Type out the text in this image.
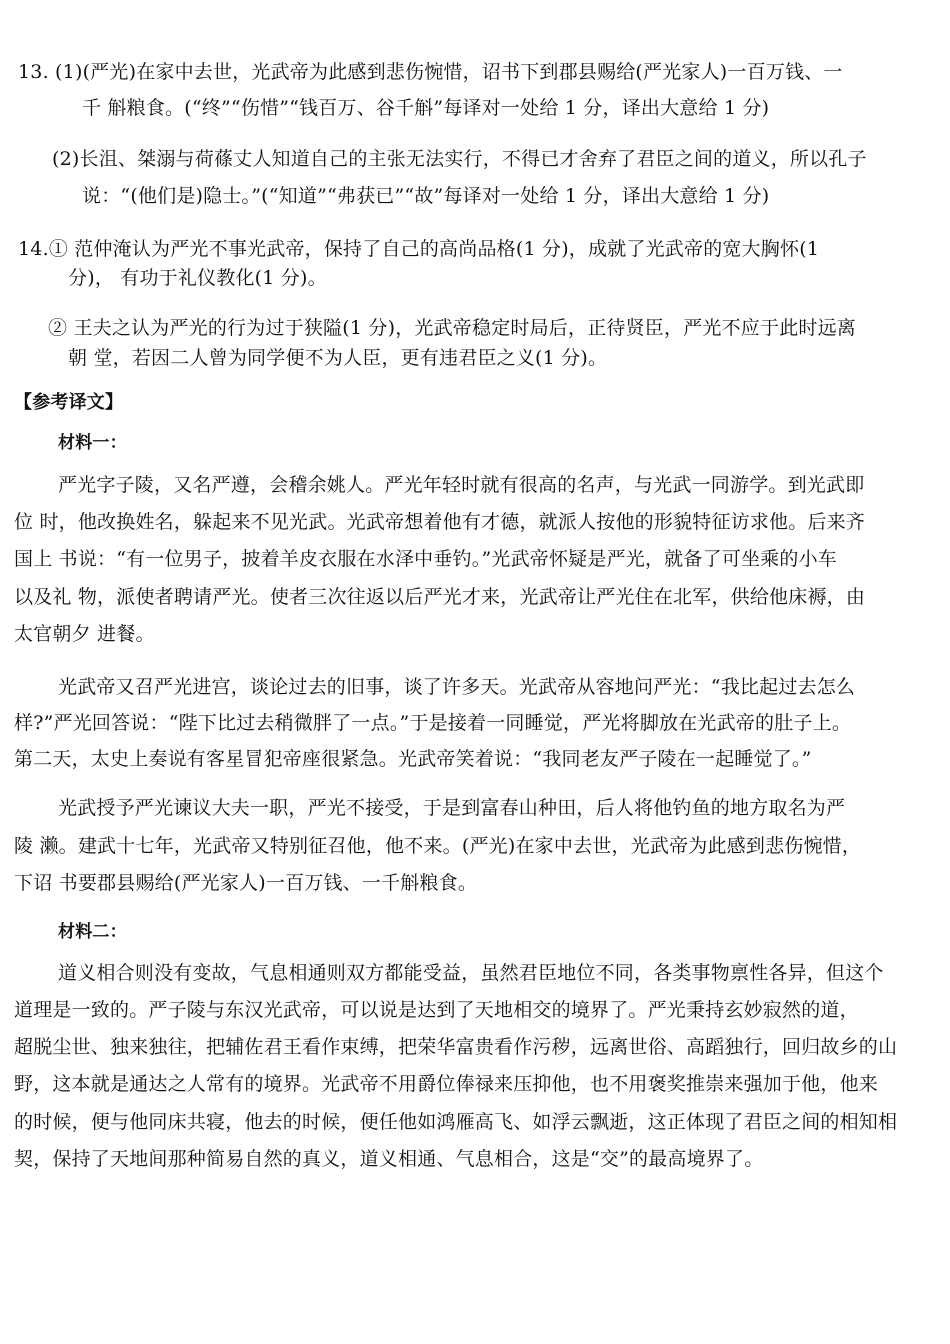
13. (1)(严光)在家中去世，光武帝为此感到悲伤惋惜，诏书下到郡县赐给(严光家人)一百万钱、一
千 斛粮食。(“终”“伤惜”“钱百万、谷千斛”每译对一处给 1 分，译出大意给 1 分)
(2)长沮、桀溺与荷蓧丈人知道自己的主张无法实行，不得已才舍弃了君臣之间的道义，所以孔子
说：“(他们是)隐士。”(“知道”“弗获已”“故”每译对一处给 1 分，译出大意给 1 分)
14.① 范仲淹认为严光不事光武帝，保持了自己的高尚品格(1 分)，成就了光武帝的宽大胸怀(1
分)， 有功于礼仪教化(1 分)。
② 王夫之认为严光的行为过于狭隘(1 分)，光武帝稳定时局后，正待贤臣，严光不应于此时远离
朝 堂，若因二人曾为同学便不为人臣，更有违君臣之义(1 分)。
【参考译文】
材料一：
严光字子陵，又名严遵，会稽余姚人。严光年轻时就有很高的名声，与光武一同游学。到光武即
位 时，他改换姓名，躲起来不见光武。光武帝想着他有才德，就派人按他的形貌特征访求他。后来齐
国上 书说：“有一位男子，披着羊皮衣服在水泽中垂钓。”光武帝怀疑是严光，就备了可坐乘的小车
以及礼 物，派使者聘请严光。使者三次往返以后严光才来，光武帝让严光住在北军，供给他床褥，由
太官朝夕 进餐。
光武帝又召严光进宫，谈论过去的旧事，谈了许多天。光武帝从容地问严光：“我比起过去怎么
样?”严光回答说：“陛下比过去稍微胖了一点。”于是接着一同睡觉，严光将脚放在光武帝的肚子上。
第二天，太史上奏说有客星冒犯帝座很紧急。光武帝笑着说：“我同老友严子陵在一起睡觉了。”
光武授予严光谏议大夫一职，严光不接受，于是到富春山种田，后人将他钓鱼的地方取名为严
陵 濑。建武十七年，光武帝又特别征召他，他不来。(严光)在家中去世，光武帝为此感到悲伤惋惜，
下诏 书要郡县赐给(严光家人)一百万钱、一千斛粮食。
材料二：
道义相合则没有变故，气息相通则双方都能受益，虽然君臣地位不同，各类事物禀性各异，但这个
道理是一致的。严子陵与东汉光武帝，可以说是达到了天地相交的境界了。严光秉持玄妙寂然的道，
超脱尘世、独来独往，把辅佐君王看作束缚，把荣华富贵看作污秽，远离世俗、高蹈独行，回归故乡的山
野，这本就是通达之人常有的境界。光武帝不用爵位俸禄来压抑他，也不用褒奖推崇来强加于他，他来
的时候，便与他同床共寝，他去的时候，便任他如鸿雁高飞、如浮云飘逝，这正体现了君臣之间的相知相
契，保持了天地间那种简易自然的真义，道义相通、气息相合，这是“交”的最高境界了。
